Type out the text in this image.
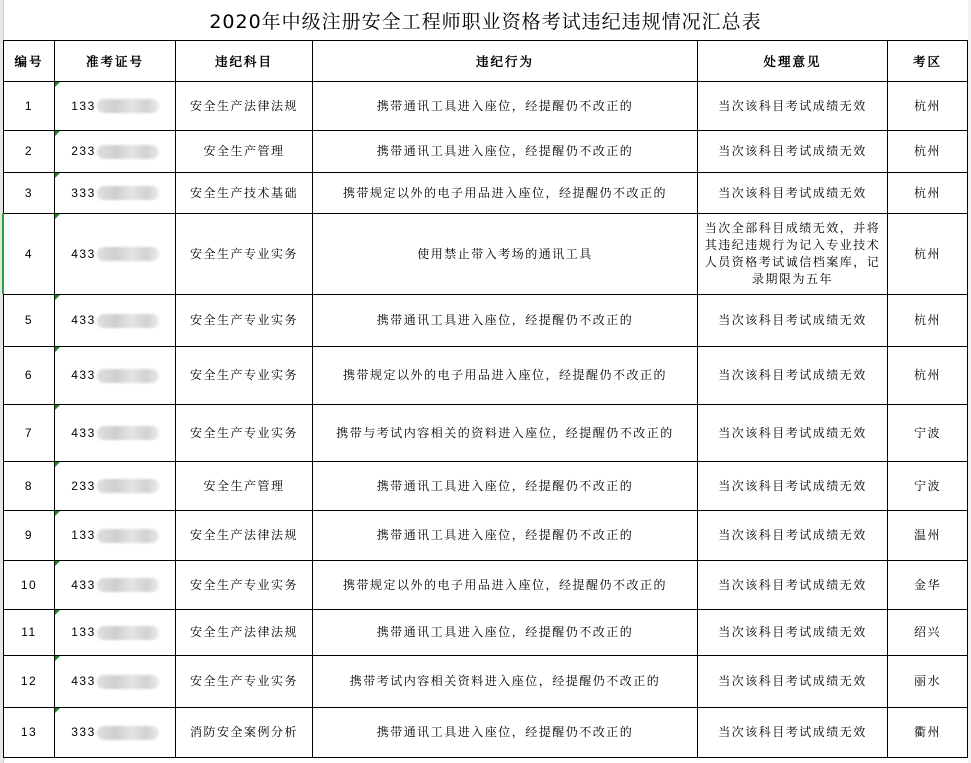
2020年中级注册安全工程师职业资格考试违纪违规情况汇总表
编号	准考证号	违纪科目	违纪行为	处理意见	考区
1	133	安全生产法律法规	携带通讯工具进入座位，经提醒仍不改正的	当次该科目考试成绩无效	杭州
2	233	安全生产管理	携带通讯工具进入座位，经提醒仍不改正的	当次该科目考试成绩无效	杭州
3	333	安全生产技术基础	携带规定以外的电子用品进入座位，经提醒仍不改正的	当次该科目考试成绩无效	杭州
4	433	安全生产专业实务	使用禁止带入考场的通讯工具	当次全部科目成绩无效，并将其违纪违规行为记入专业技术人员资格考试诚信档案库，记录期限为五年	杭州
5	433	安全生产专业实务	携带通讯工具进入座位，经提醒仍不改正的	当次该科目考试成绩无效	杭州
6	433	安全生产专业实务	携带规定以外的电子用品进入座位，经提醒仍不改正的	当次该科目考试成绩无效	杭州
7	433	安全生产专业实务	携带与考试内容相关的资料进入座位，经提醒仍不改正的	当次该科目考试成绩无效	宁波
8	233	安全生产管理	携带通讯工具进入座位，经提醒仍不改正的	当次该科目考试成绩无效	宁波
9	133	安全生产法律法规	携带通讯工具进入座位，经提醒仍不改正的	当次该科目考试成绩无效	温州
10	433	安全生产专业实务	携带规定以外的电子用品进入座位，经提醒仍不改正的	当次该科目考试成绩无效	金华
11	133	安全生产法律法规	携带通讯工具进入座位，经提醒仍不改正的	当次该科目考试成绩无效	绍兴
12	433	安全生产专业实务	携带考试内容相关资料进入座位，经提醒仍不改正的	当次该科目考试成绩无效	丽水
13	333	消防安全案例分析	携带通讯工具进入座位，经提醒仍不改正的	当次该科目考试成绩无效	衢州
